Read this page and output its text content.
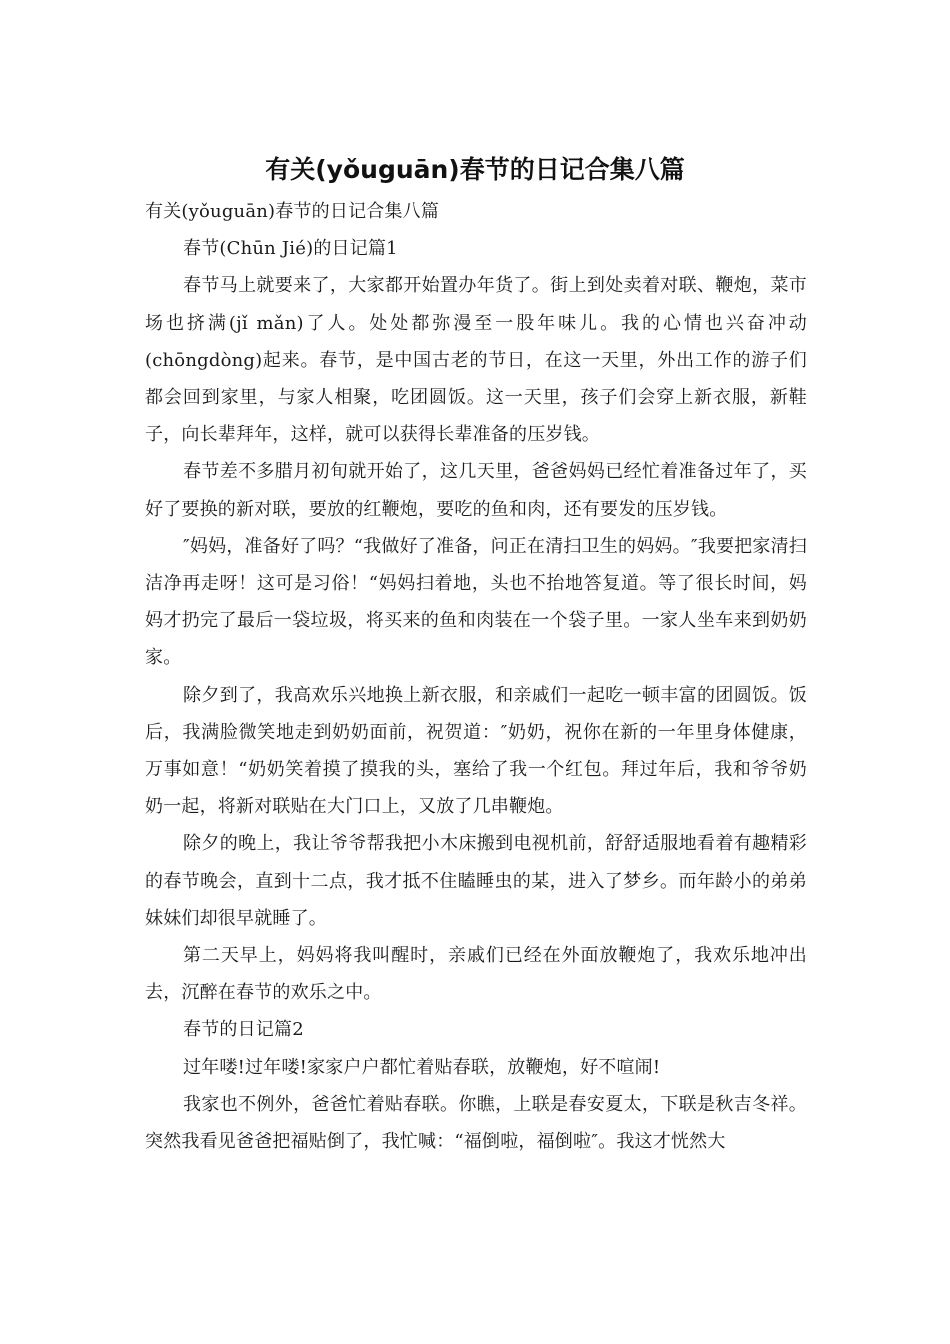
有关(yǒuguān)春节的日记合集八篇

有关(yǒuguān)春节的日记合集八篇

春节(Chūn Jié)的日记篇1

春节马上就要来了，大家都开始置办年货了。街上到处卖着对联、鞭炮，菜市场也挤满(jǐ mǎn)了人。处处都弥漫至一股年味儿。我的心情也兴奋冲动(chōngdòng)起来。春节，是中国古老的节日，在这一天里，外出工作的游子们都会回到家里，与家人相聚，吃团圆饭。这一天里，孩子们会穿上新衣服，新鞋子，向长辈拜年，这样，就可以获得长辈准备的压岁钱。

春节差不多腊月初旬就开始了，这几天里，爸爸妈妈已经忙着准备过年了，买好了要换的新对联，要放的红鞭炮，要吃的鱼和肉，还有要发的压岁钱。

″妈妈，准备好了吗？“我做好了准备，问正在清扫卫生的妈妈。″我要把家清扫洁净再走呀！这可是习俗！“妈妈扫着地，头也不抬地答复道。等了很长时间，妈妈才扔完了最后一袋垃圾，将买来的鱼和肉装在一个袋子里。一家人坐车来到奶奶家。

除夕到了，我高欢乐兴地换上新衣服，和亲戚们一起吃一顿丰富的团圆饭。饭后，我满脸微笑地走到奶奶面前，祝贺道：″奶奶，祝你在新的一年里身体健康，万事如意！“奶奶笑着摸了摸我的头，塞给了我一个红包。拜过年后，我和爷爷奶奶一起，将新对联贴在大门口上，又放了几串鞭炮。

除夕的晚上，我让爷爷帮我把小木床搬到电视机前，舒舒适服地看着有趣精彩的春节晚会，直到十二点，我才抵不住瞌睡虫的某，进入了梦乡。而年龄小的弟弟妹妹们却很早就睡了。

第二天早上，妈妈将我叫醒时，亲戚们已经在外面放鞭炮了，我欢乐地冲出去，沉醉在春节的欢乐之中。

春节的日记篇2

过年喽!过年喽!家家户户都忙着贴春联，放鞭炮，好不喧闹!

我家也不例外，爸爸忙着贴春联。你瞧，上联是春安夏太，下联是秋吉冬祥。突然我看见爸爸把福贴倒了，我忙喊：“福倒啦，福倒啦″。我这才恍然大
